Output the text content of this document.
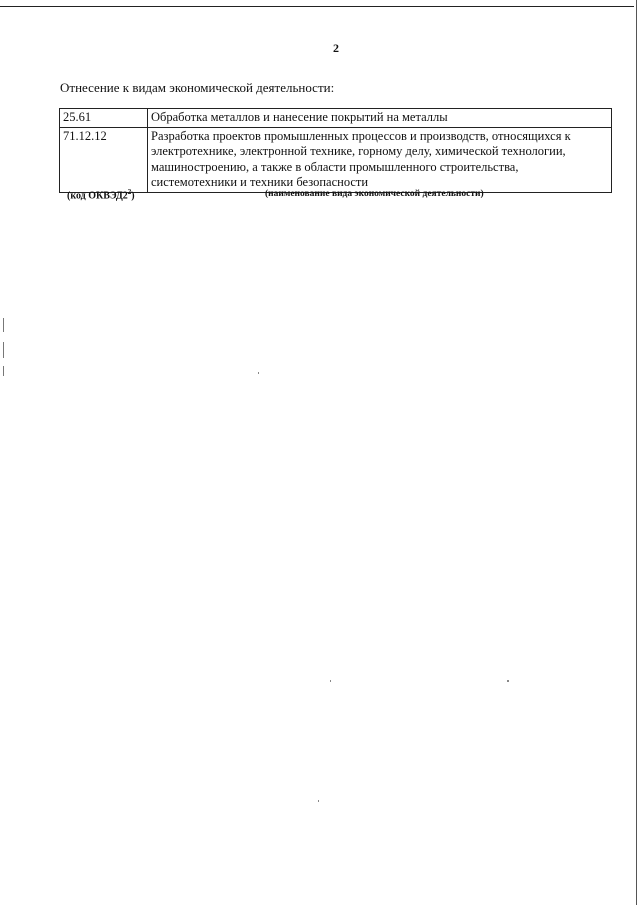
2
Отнесение к видам экономической деятельности:
25.61	Обработка металлов и нанесение покрытий на металлы
71.12.12	Разработка проектов промышленных процессов и производств, относящихся к электротехнике, электронной технике, горному делу, химической технологии, машиностроению, а также в области промышленного строительства, системотехники и техники безопасности
(код $ОКВЭД2^2$)	(наименование вида экономической деятельности)
